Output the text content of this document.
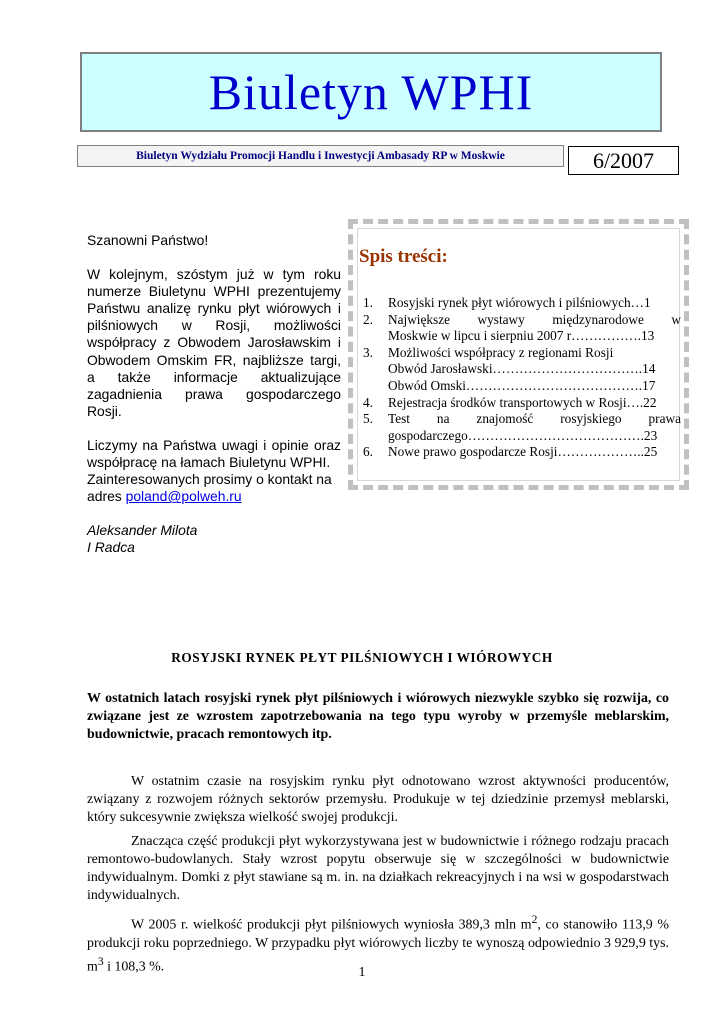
Biuletyn WPHI
Biuletyn Wydziału Promocji Handlu i Inwestycji Ambasady RP w Moskwie	6/2007

Szanowni Państwo!

W kolejnym, szóstym już w tym roku numerze Biuletynu WPHI prezentujemy Państwu analizę rynku płyt wiórowych i pilśniowych w Rosji, możliwości współpracy z Obwodem Jarosławskim i Obwodem Omskim FR, najbliższe targi, a także informacje aktualizujące zagadnienia prawa gospodarczego Rosji.

Liczymy na Państwa uwagi i opinie oraz współpracę na łamach Biuletynu WPHI.

Zainteresowanych prosimy o kontakt na

adres poland@polweh.ru

Aleksander Milota

I Radca

Spis treści:
1.	Rosyjski rynek płyt wiórowych i pilśniowych…1
2.	Największe wystawy międzynarodowe w
Moskwie w lipcu i sierpniu 2007 r…………….13
3.	Możliwości współpracy z regionami Rosji
Obwód Jarosławski…………………………….14
Obwód Omski………………………………….17
4.	Rejestracja środków transportowych w Rosji….22
5.	Test na znajomość rosyjskiego prawa
gospodarczego………………………………….23
6.	Nowe prawo gospodarcze Rosji………………..25
ROSYJSKI RYNEK PŁYT PILŚNIOWYCH I WIÓROWYCH
W ostatnich latach rosyjski rynek płyt pilśniowych i wiórowych niezwykle szybko się rozwija, co związane jest ze wzrostem zapotrzebowania na tego typu wyroby w przemyśle meblarskim, budownictwie, pracach remontowych itp.

W ostatnim czasie na rosyjskim rynku płyt odnotowano wzrost aktywności producentów, związany z rozwojem różnych sektorów przemysłu. Produkuje w tej dziedzinie przemysł meblarski, który sukcesywnie zwiększa wielkość swojej produkcji.

Znacząca część produkcji płyt wykorzystywana jest w budownictwie i różnego rodzaju pracach remontowo-budowlanych. Stały wzrost popytu obserwuje się w szczególności w budownictwie indywidualnym. Domki z płyt stawiane są m. in. na działkach rekreacyjnych i na wsi w gospodarstwach indywidualnych.

W 2005 r. wielkość produkcji płyt pilśniowych wyniosła 389,3 mln $m^2$, co stanowiło 113,9 % produkcji roku poprzedniego. W przypadku płyt wiórowych liczby te wynoszą odpowiednio 3 929,9 tys. $m^3$ i 108,3 %.	1
